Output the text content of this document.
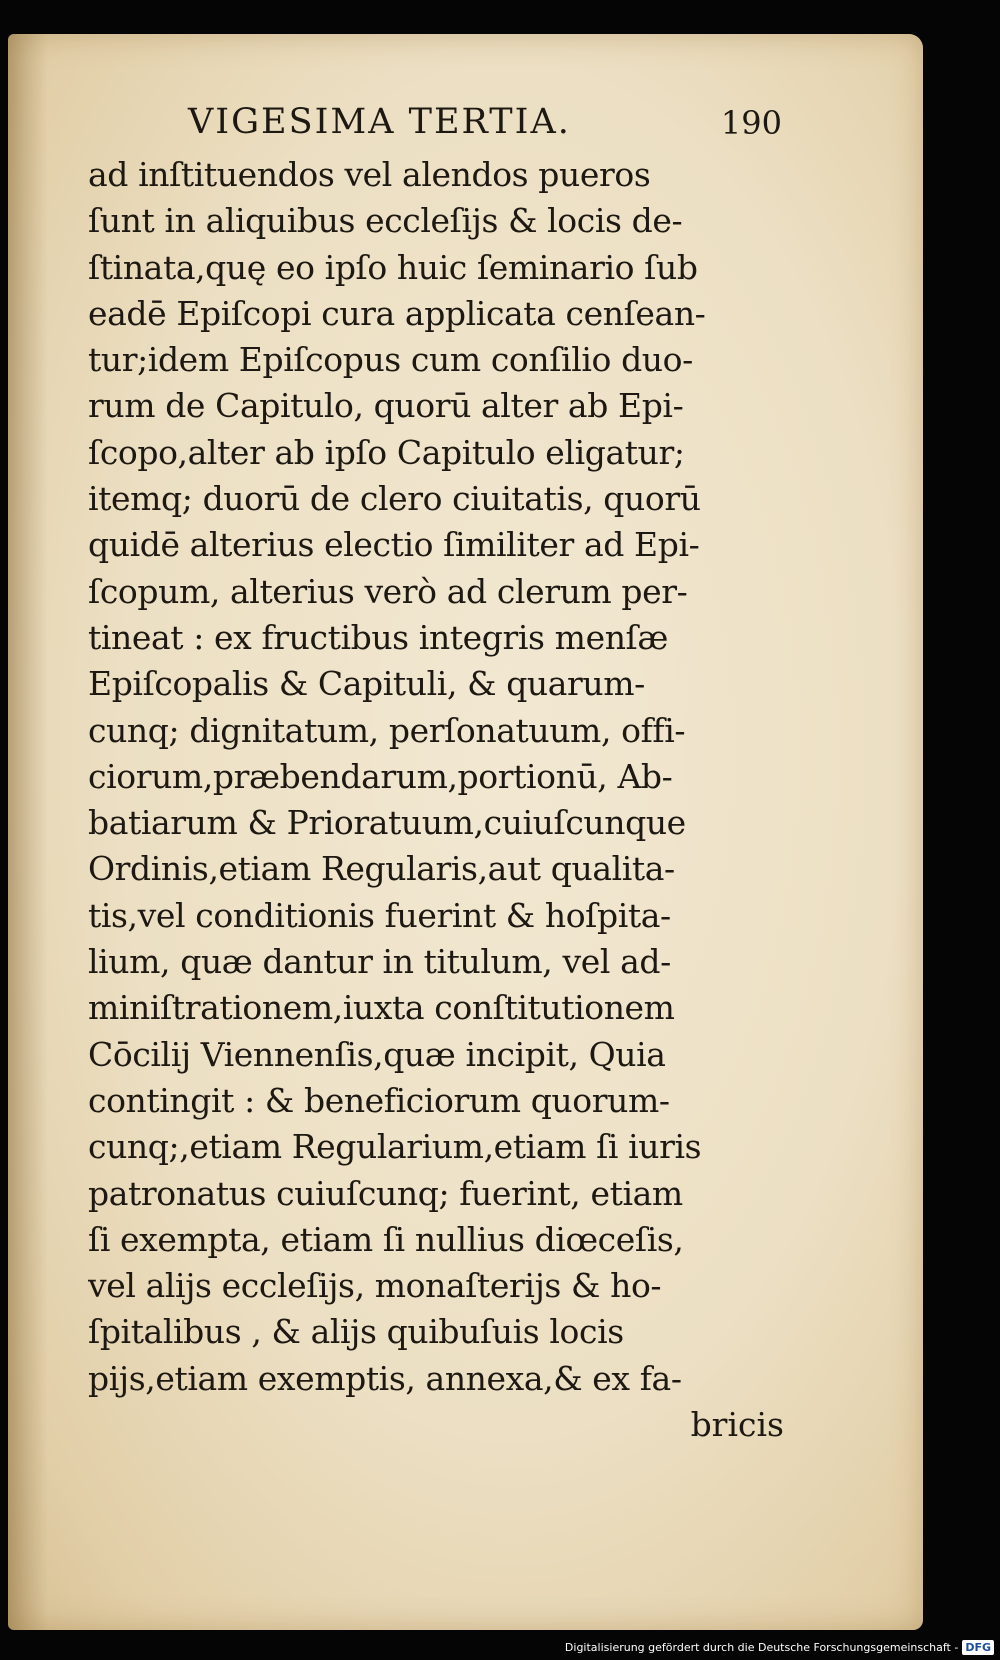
VIGESIMA TERTIA.	190
ad inſtituendos vel alendos pueros
ſunt in aliquibus eccleſijs & locis de-
ſtinata,quę eo ipſo huic ſeminario ſub
eadē Epiſcopi cura applicata cenſean-
tur;idem Epiſcopus cum conſilio duo-
rum de Capitulo, quorū alter ab Epi-
ſcopo,alter ab ipſo Capitulo eligatur;
itemq; duorū de clero ciuitatis, quorū
quidē alterius electio ſimiliter ad Epi-
ſcopum, alterius verò ad clerum per-
tineat : ex fructibus integris menſæ
Epiſcopalis & Capituli, & quarum-
cunq; dignitatum, perſonatuum, offi-
ciorum,præbendarum,portionū, Ab-
batiarum & Prioratuum,cuiuſcunque
Ordinis,etiam Regularis,aut qualita-
tis,vel conditionis fuerint & hoſpita-
lium, quæ dantur in titulum, vel ad-
miniſtrationem,iuxta conſtitutionem
Cōcilij Viennenſis,quæ incipit, Quia
contingit : & beneficiorum quorum-
cunq;,etiam Regularium,etiam ſi iuris
patronatus cuiuſcunq; fuerint, etiam
ſi exempta, etiam ſi nullius diœceſis,
vel alijs eccleſijs, monaſterijs & ho-
ſpitalibus , & alijs quibuſuis locis
pijs,etiam exemptis, annexa,& ex fa-
bricis
Digitalisierung gefördert durch die Deutsche Forschungsgemeinschaft - DFG
